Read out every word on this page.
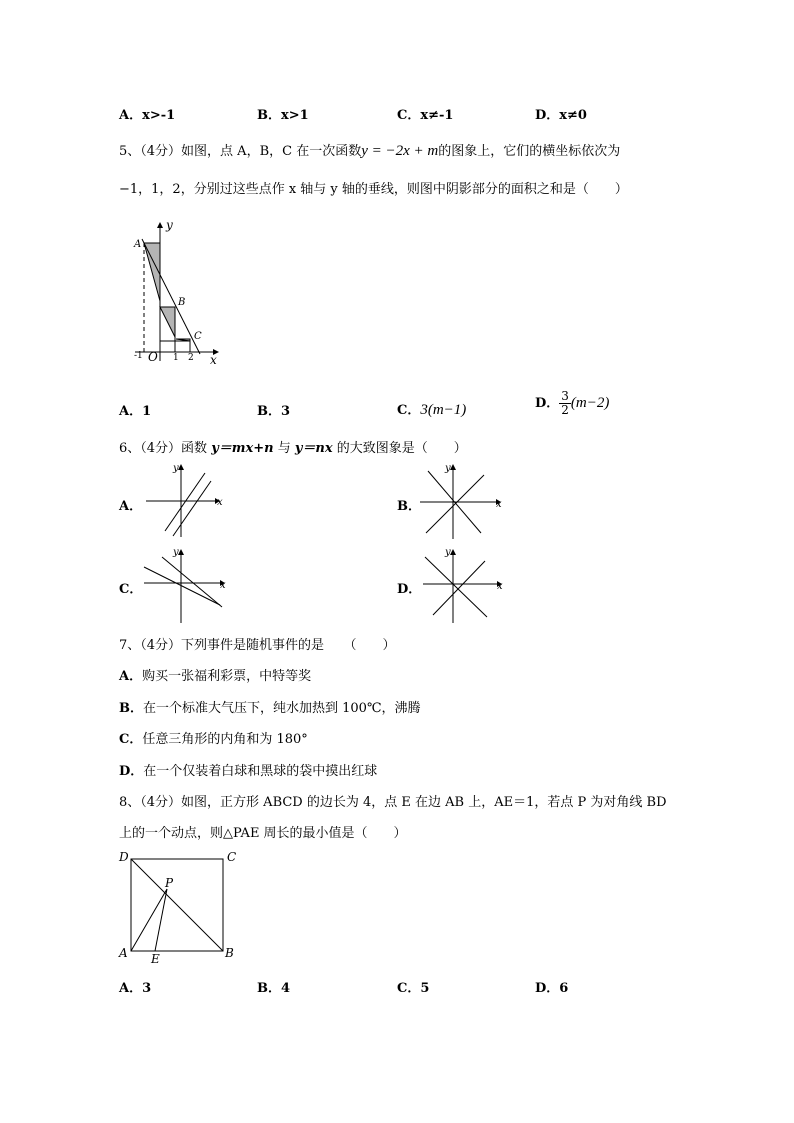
A．x>-1	B．x>1	C．x≠-1	D．x≠0
5、（4分）如图，点 A，B，C 在一次函数y = −2x + m的图象上，它们的横坐标依次为
−1，1，2，分别过这些点作 x 轴与 y 轴的垂线，则图中阴影部分的面积之和是（　　）
y
A
B
C
-1 O 1 2 x
A．1	B．3	C．3(m−1)	D． $\frac{3}{2} (m-2)$
6、（4分）函数 y＝mx+n 与 y＝nx 的大致图象是（　　）
A．
y
x	B．
y
x
C．
y
x	D．
y
x
7、（4分）下列事件是随机事件的是　　（　　）
A．购买一张福利彩票，中特等奖
B．在一个标准大气压下，纯水加热到 100℃，沸腾
C．任意三角形的内角和为 180°
D．在一个仅装着白球和黑球的袋中摸出红球
8、（4分）如图，正方形 ABCD 的边长为 4，点 E 在边 AB 上，AE＝1，若点 P 为对角线 BD
上的一个动点，则△PAE 周长的最小值是（　　）
D	C
P
A E	B
A．3	B．4	C．5	D．6
